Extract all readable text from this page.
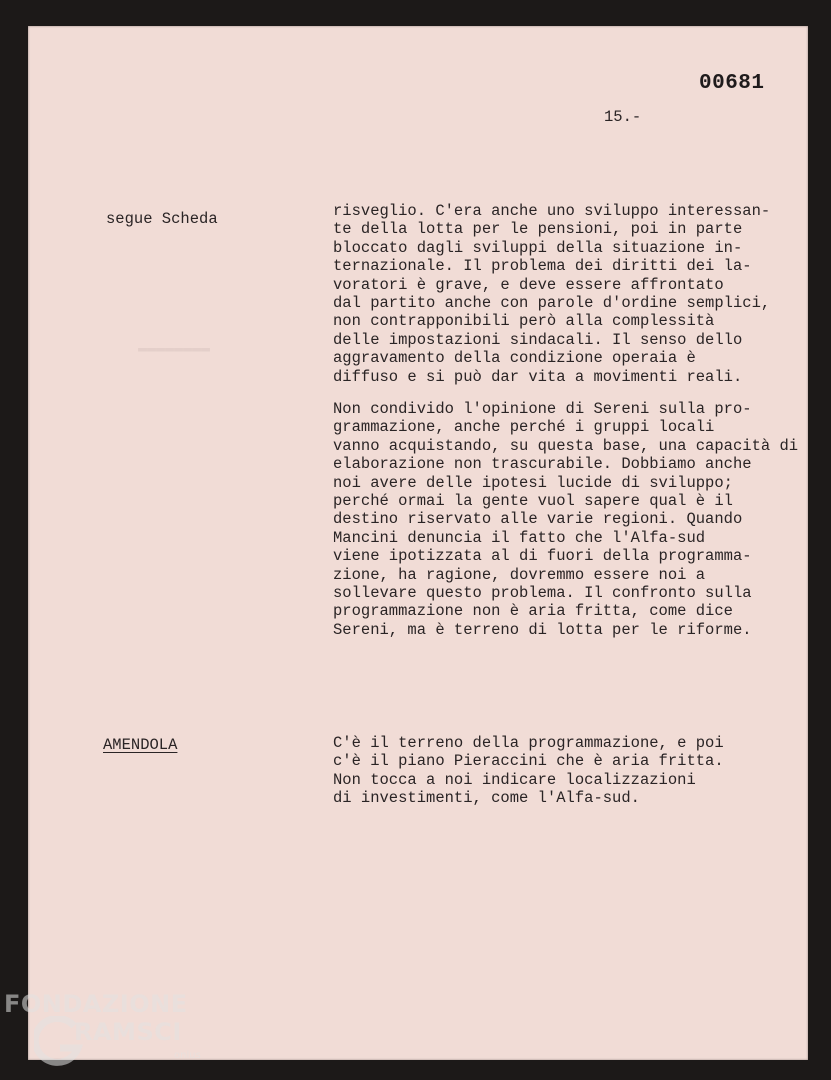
00681
15.-
segue Scheda	risveglio. C'era anche uno sviluppo interessan-
te della lotta per le pensioni, poi in parte
bloccato dagli sviluppi della situazione in-
ternazionale. Il problema dei diritti dei la-
voratori è grave, e deve essere affrontato
dal partito anche con parole d'ordine semplici,
non contrapponibili però alla complessità
delle impostazioni sindacali. Il senso dello
aggravamento della condizione operaia è
diffuso e si può dar vita a movimenti reali.

Non condivido l'opinione di Sereni sulla pro-
grammazione, anche perché i gruppi locali
vanno acquistando, su questa base, una capacità di
elaborazione non trascurabile. Dobbiamo anche
noi avere delle ipotesi lucide di sviluppo;
perché ormai la gente vuol sapere qual è il
destino riservato alle varie regioni. Quando
Mancini denuncia il fatto che l'Alfa-sud
viene ipotizzata al di fuori della programma-
zione, ha ragione, dovremmo essere noi a
sollevare questo problema. Il confronto sulla
programmazione non è aria fritta, come dice
Sereni, ma è terreno di lotta per le riforme.

AMENDOLA	C'è il terreno della programmazione, e poi
c'è il piano Pieraccini che è aria fritta.
Non tocca a noi indicare localizzazioni
di investimenti, come l'Alfa-sud.

FONDAZIONE
RAMSCI
onlus
